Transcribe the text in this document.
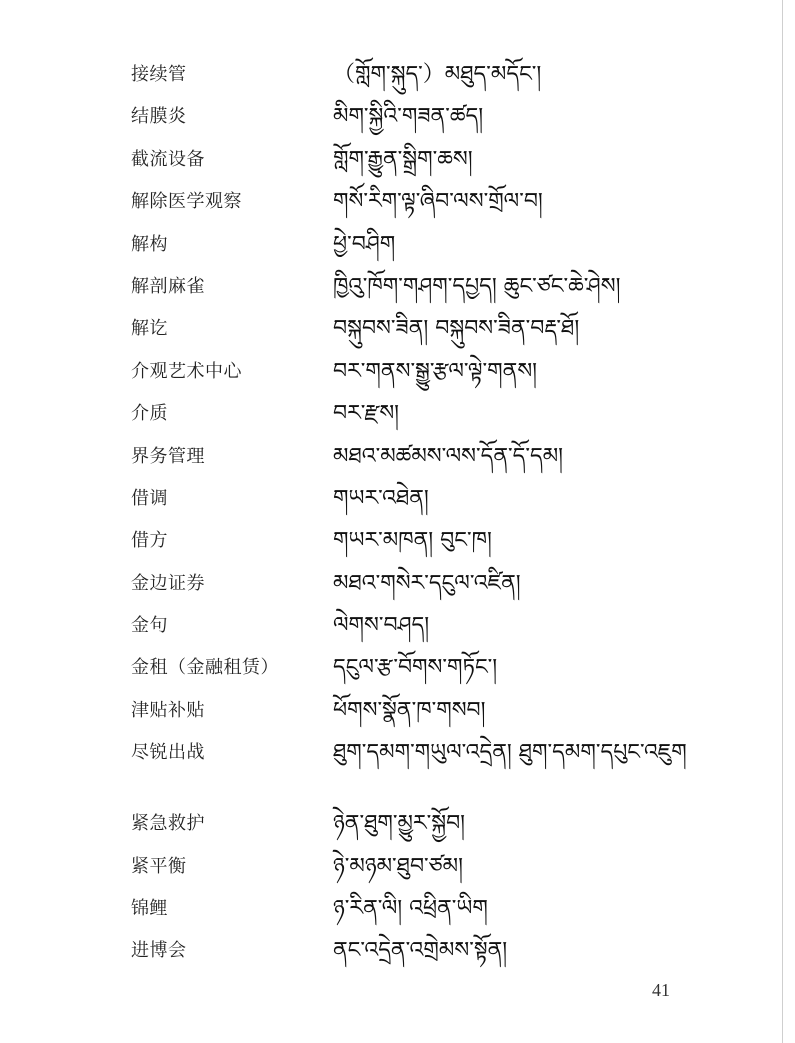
接续管	（གློག་སྐུད་）མཐུད་མདོང་།
结膜炎	མིག་སྐྱིའི་གཟན་ཚད།
截流设备	གློག་རྒྱུན་སྒྲིག་ཆས།
解除医学观察	གསོ་རིག་ལྟ་ཞིབ་ལས་གྲོལ་བ།
解构	ཕྱེ་བཤིག
解剖麻雀	ཁྱིའུ་ཁོག་གཤག་དཔྱད། ཆུང་ཙང་ཆེ་ཤེས།
解讫	བསྐུབས་ཟིན། བསྐུབས་ཟིན་བརྡ་ཐོ།
介观艺术中心	བར་གནས་སྒྱུ་རྩལ་ལྟེ་གནས།
介质	བར་རྫས།
界务管理	མཐའ་མཚམས་ལས་དོན་དོ་དམ།
借调	གཡར་འཐེན།
借方	གཡར་མཁན། བུང་ཁ།
金边证券	མཐའ་གསེར་དངུལ་འཛིན།
金句	ལེགས་བཤད།
金租（金融租赁）	དངུལ་རྩ་བོགས་གཏོང་།
津贴补贴	ཕོགས་སྣོན་ཁ་གསབ།
尽锐出战	ཐུག་དམག་གཡུལ་འདྲེན། ཐུག་དམག་དཔུང་འཇུག
紧急救护	ཉེན་ཐུག་མྱུར་སྐྱོབ།
紧平衡	ཉེ་མཉམ་ཐུབ་ཙམ།
锦鲤	ཉ་རིན་ལི། འཕྲིན་ཡིག
进博会	ནང་འདྲེན་འགྲེམས་སྟོན།
41
